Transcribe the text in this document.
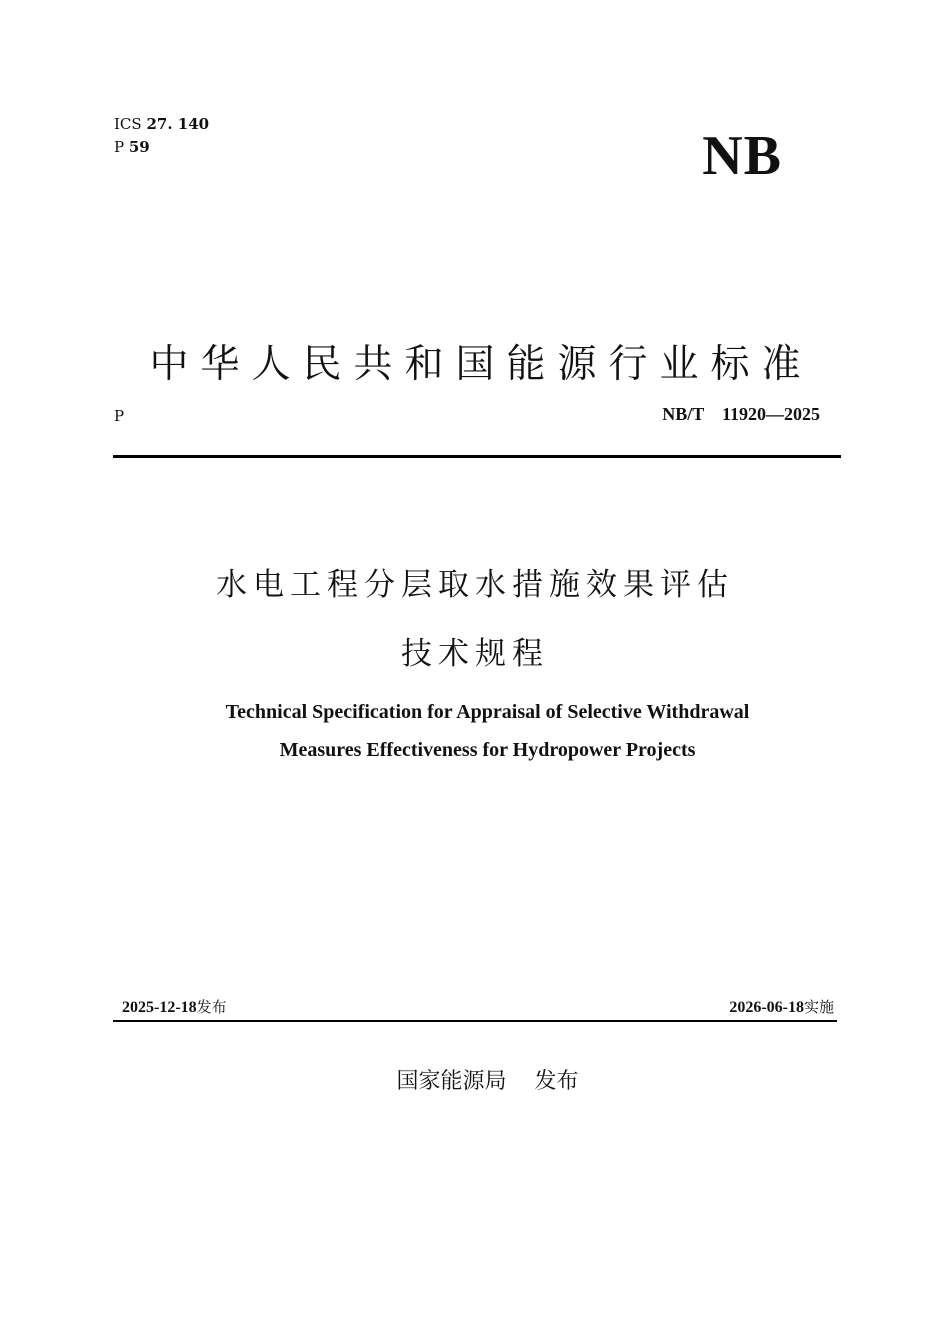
ICS 27. 140
P 59	NB
中华人民共和国能源行业标准
P	NB/T    11920—2025
水电工程分层取水措施效果评估
技术规程
Technical Specification for Appraisal of Selective Withdrawal
Measures Effectiveness for Hydropower Projects
2025-12-18发布	2026-06-18实施
国家能源局    发布
